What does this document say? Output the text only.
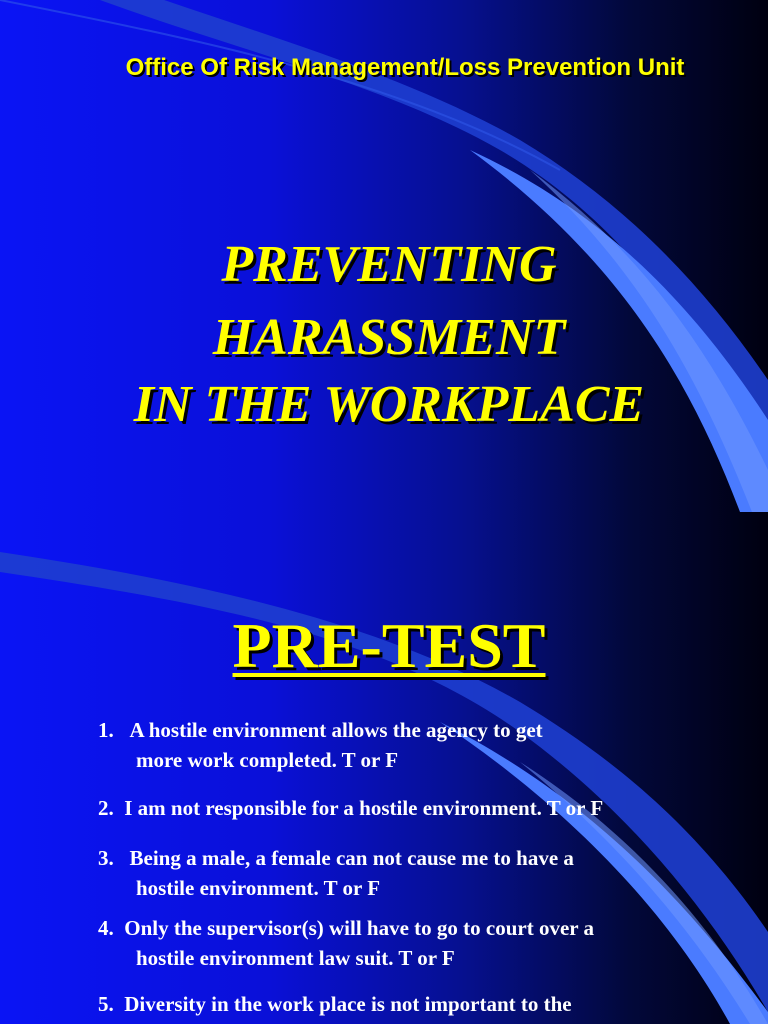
Office Of Risk Management/Loss Prevention Unit
PREVENTING
HARASSMENT
IN THE WORKPLACE
PRE-TEST
1. A hostile environment allows the agency to get
more work completed. T or F
2. I am not responsible for a hostile environment. T or F
3. Being a male, a female can not cause me to have a
hostile environment. T or F
4. Only the supervisor(s) will have to go to court over a
hostile environment law suit. T or F
5. Diversity in the work place is not important to the
